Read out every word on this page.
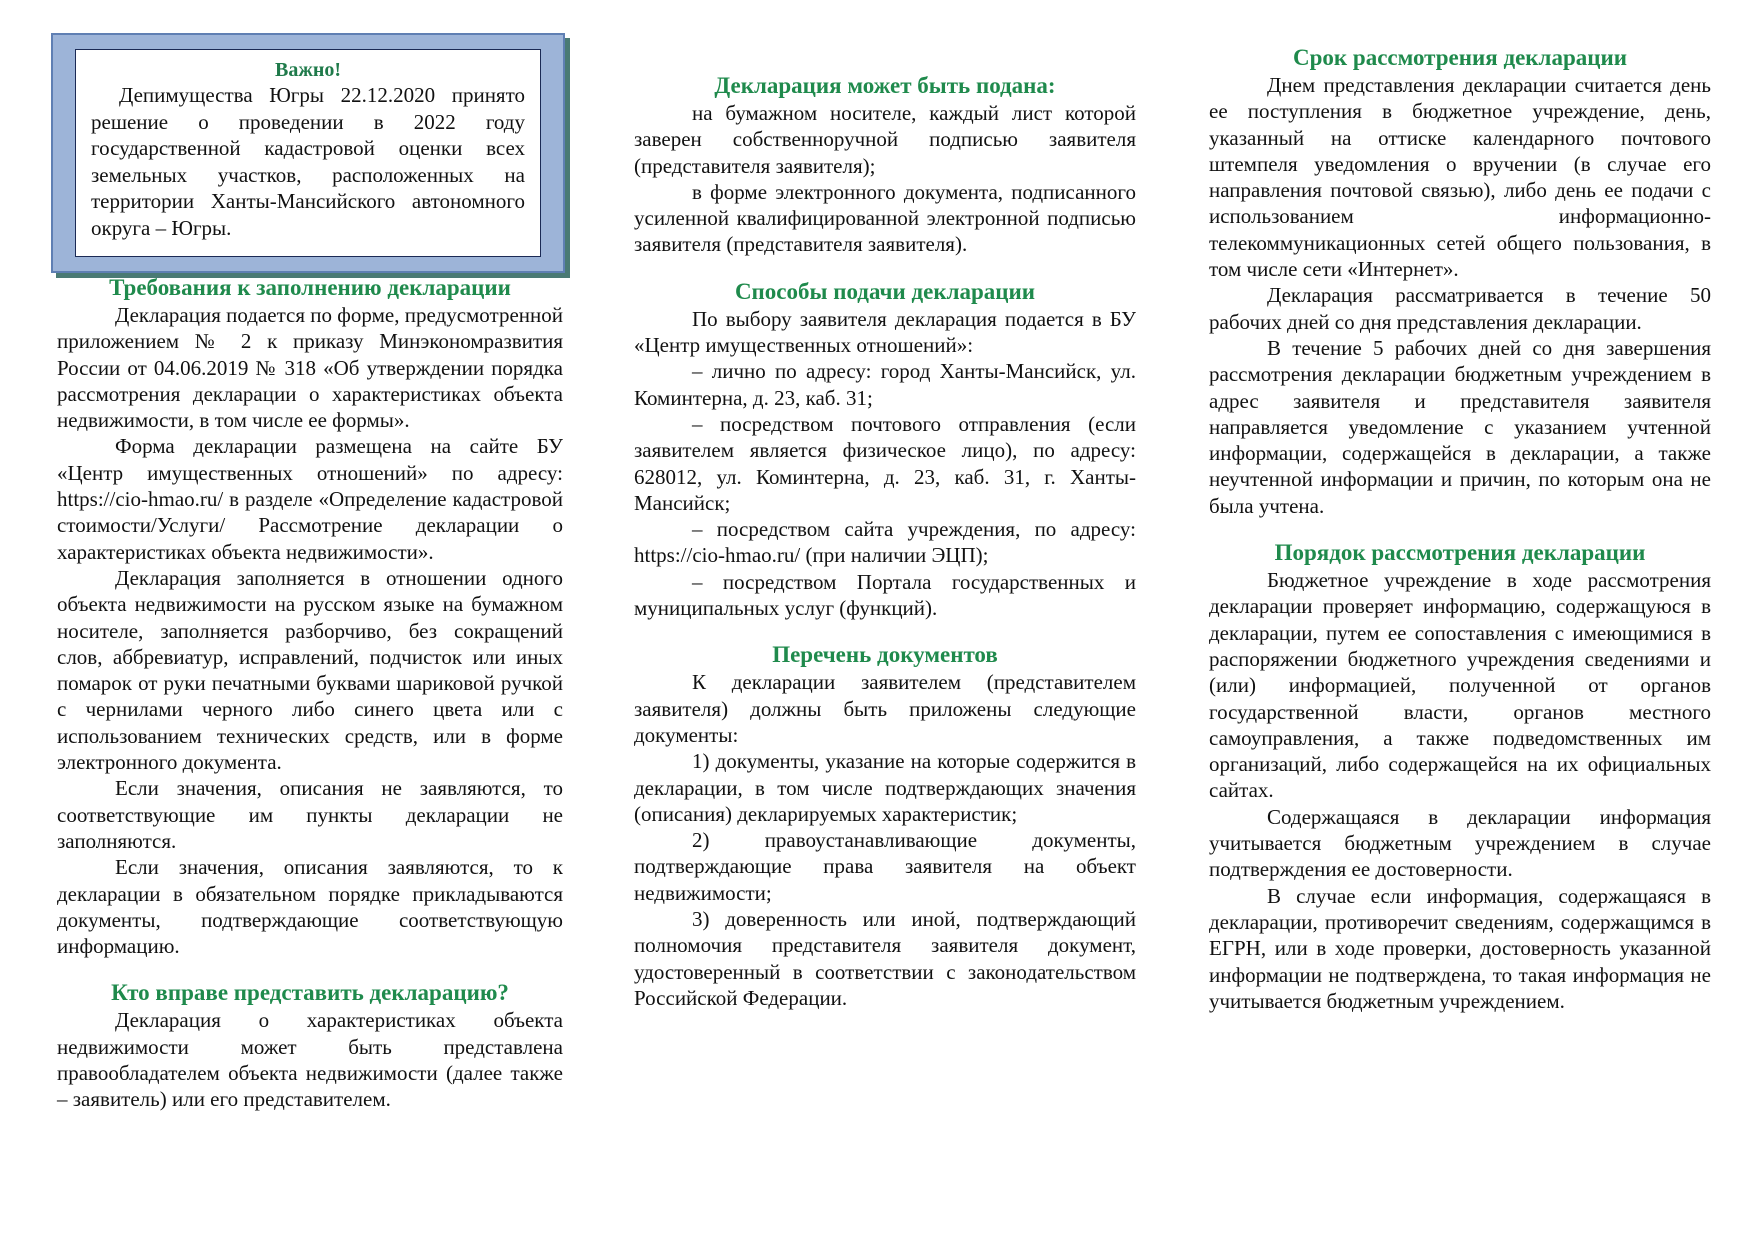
Важно!
Депимущества Югры 22.12.2020 принято решение о проведении в 2022 году государственной кадастровой оценки всех земельных участков, расположенных на территории Ханты-Мансийского автономного округа – Югры.
Требования к заполнению декларации

Декларация подается по форме, предусмотренной приложением № 2 к приказу Минэкономразвития России от 04.06.2019 № 318 «Об утверждении порядка рассмотрения декларации о характеристиках объекта недвижимости, в том числе ее формы».

Форма декларации размещена на сайте БУ «Центр имущественных отношений» по адресу: https://cio-hmao.ru/ в разделе «Определение кадастровой стоимости/Услуги/ Рассмотрение декларации о характеристиках объекта недвижимости».

Декларация заполняется в отношении одного объекта недвижимости на русском языке на бумажном носителе, заполняется разборчиво, без сокращений слов, аббревиатур, исправлений, подчисток или иных помарок от руки печатными буквами шариковой ручкой с чернилами черного либо синего цвета или с использованием технических средств, или в форме электронного документа.

Если значения, описания не заявляются, то соответствующие им пункты декларации не заполняются.

Если значения, описания заявляются, то к декларации в обязательном порядке прикладываются документы, подтверждающие соответствующую информацию.

Кто вправе представить декларацию?

Декларация о характеристиках объекта недвижимости может быть представлена правообладателем объекта недвижимости (далее также – заявитель) или его представителем.

Декларация может быть подана:

на бумажном носителе, каждый лист которой заверен собственноручной подписью заявителя (представителя заявителя);

в форме электронного документа, подписанного усиленной квалифицированной электронной подписью заявителя (представителя заявителя).

Способы подачи декларации

По выбору заявителя декларация подается в БУ «Центр имущественных отношений»:

– лично по адресу: город Ханты-Мансийск, ул. Коминтерна, д. 23, каб. 31;

– посредством почтового отправления (если заявителем является физическое лицо), по адресу: 628012, ул. Коминтерна, д. 23, каб. 31, г. Ханты-Мансийск;

– посредством сайта учреждения, по адресу: https://cio-hmao.ru/ (при наличии ЭЦП);

– посредством Портала государственных и муниципальных услуг (функций).

Перечень документов

К декларации заявителем (представителем заявителя) должны быть приложены следующие документы:

1) документы, указание на которые содержится в декларации, в том числе подтверждающих значения (описания) декларируемых характеристик;

2) правоустанавливающие документы, подтверждающие права заявителя на объект недвижимости;

3) доверенность или иной, подтверждающий полномочия представителя заявителя документ, удостоверенный в соответствии с законодательством Российской Федерации.

Срок рассмотрения декларации

Днем представления декларации считается день ее поступления в бюджетное учреждение, день, указанный на оттиске календарного почтового штемпеля уведомления о вручении (в случае его направления почтовой связью), либо день ее подачи с использованием информационно-телекоммуникационных сетей общего пользования, в том числе сети «Интернет».

Декларация рассматривается в течение 50 рабочих дней со дня представления декларации.

В течение 5 рабочих дней со дня завершения рассмотрения декларации бюджетным учреждением в адрес заявителя и представителя заявителя направляется уведомление с указанием учтенной информации, содержащейся в декларации, а также неучтенной информации и причин, по которым она не была учтена.

Порядок рассмотрения декларации

Бюджетное учреждение в ходе рассмотрения декларации проверяет информацию, содержащуюся в декларации, путем ее сопоставления с имеющимися в распоряжении бюджетного учреждения сведениями и (или) информацией, полученной от органов государственной власти, органов местного самоуправления, а также подведомственных им организаций, либо содержащейся на их официальных сайтах.

Содержащаяся в декларации информация учитывается бюджетным учреждением в случае подтверждения ее достоверности.

В случае если информация, содержащаяся в декларации, противоречит сведениям, содержащимся в ЕГРН, или в ходе проверки, достоверность указанной информации не подтверждена, то такая информация не учитывается бюджетным учреждением.
